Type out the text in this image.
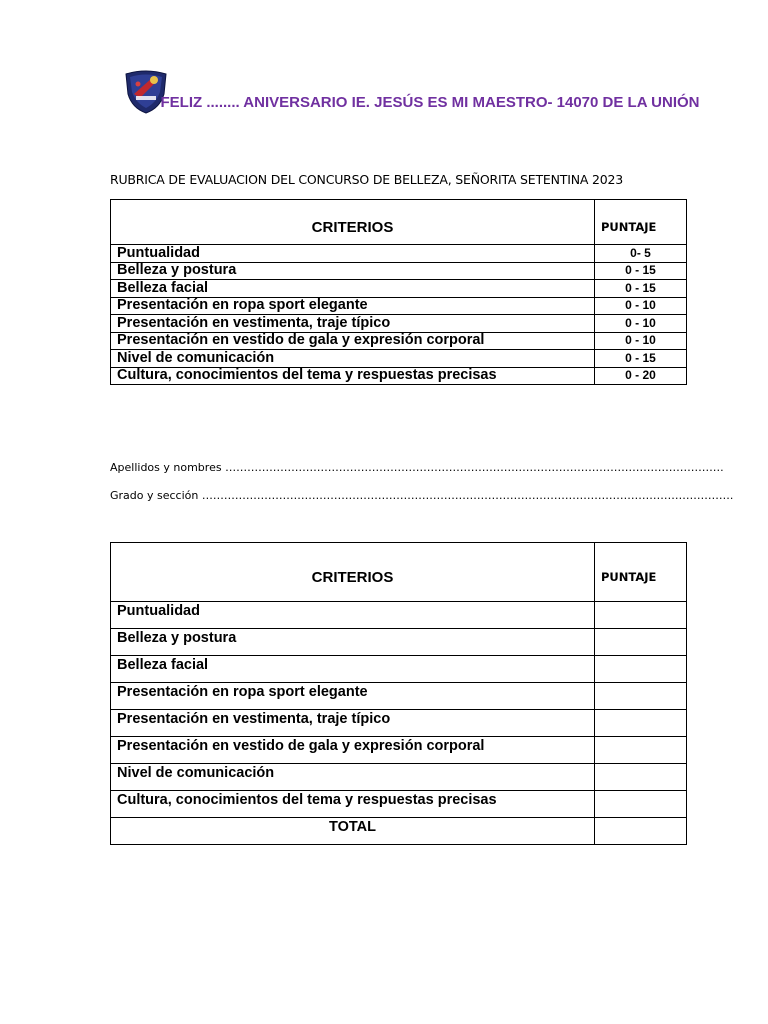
FELIZ ........ ANIVERSARIO IE. JESÚS ES MI MAESTRO- 14070 DE LA UNIÓN
RUBRICA DE EVALUACION DEL CONCURSO DE BELLEZA, SEÑORITA SETENTINA 2023
CRITERIOS	PUNTAJE
Puntualidad	0- 5
Belleza y postura	0 - 15
Belleza facial	0 - 15
Presentación en ropa sport elegante	0 - 10
Presentación en vestimenta, traje típico	0 - 10
Presentación en vestido de gala y expresión corporal	0 - 10
Nivel de comunicación	0 - 15
Cultura, conocimientos del tema y respuestas precisas	0 - 20
Apellidos y nombres ……………………………………………………………………………………………………………………….
Grado y sección ……………………………………………………………………………………………………………………………….
CRITERIOS	PUNTAJE
Puntualidad	
Belleza y postura	
Belleza facial	
Presentación en ropa sport elegante	
Presentación en vestimenta, traje típico	
Presentación en vestido de gala y expresión corporal	
Nivel de comunicación	
Cultura, conocimientos del tema y respuestas precisas	
TOTAL	
